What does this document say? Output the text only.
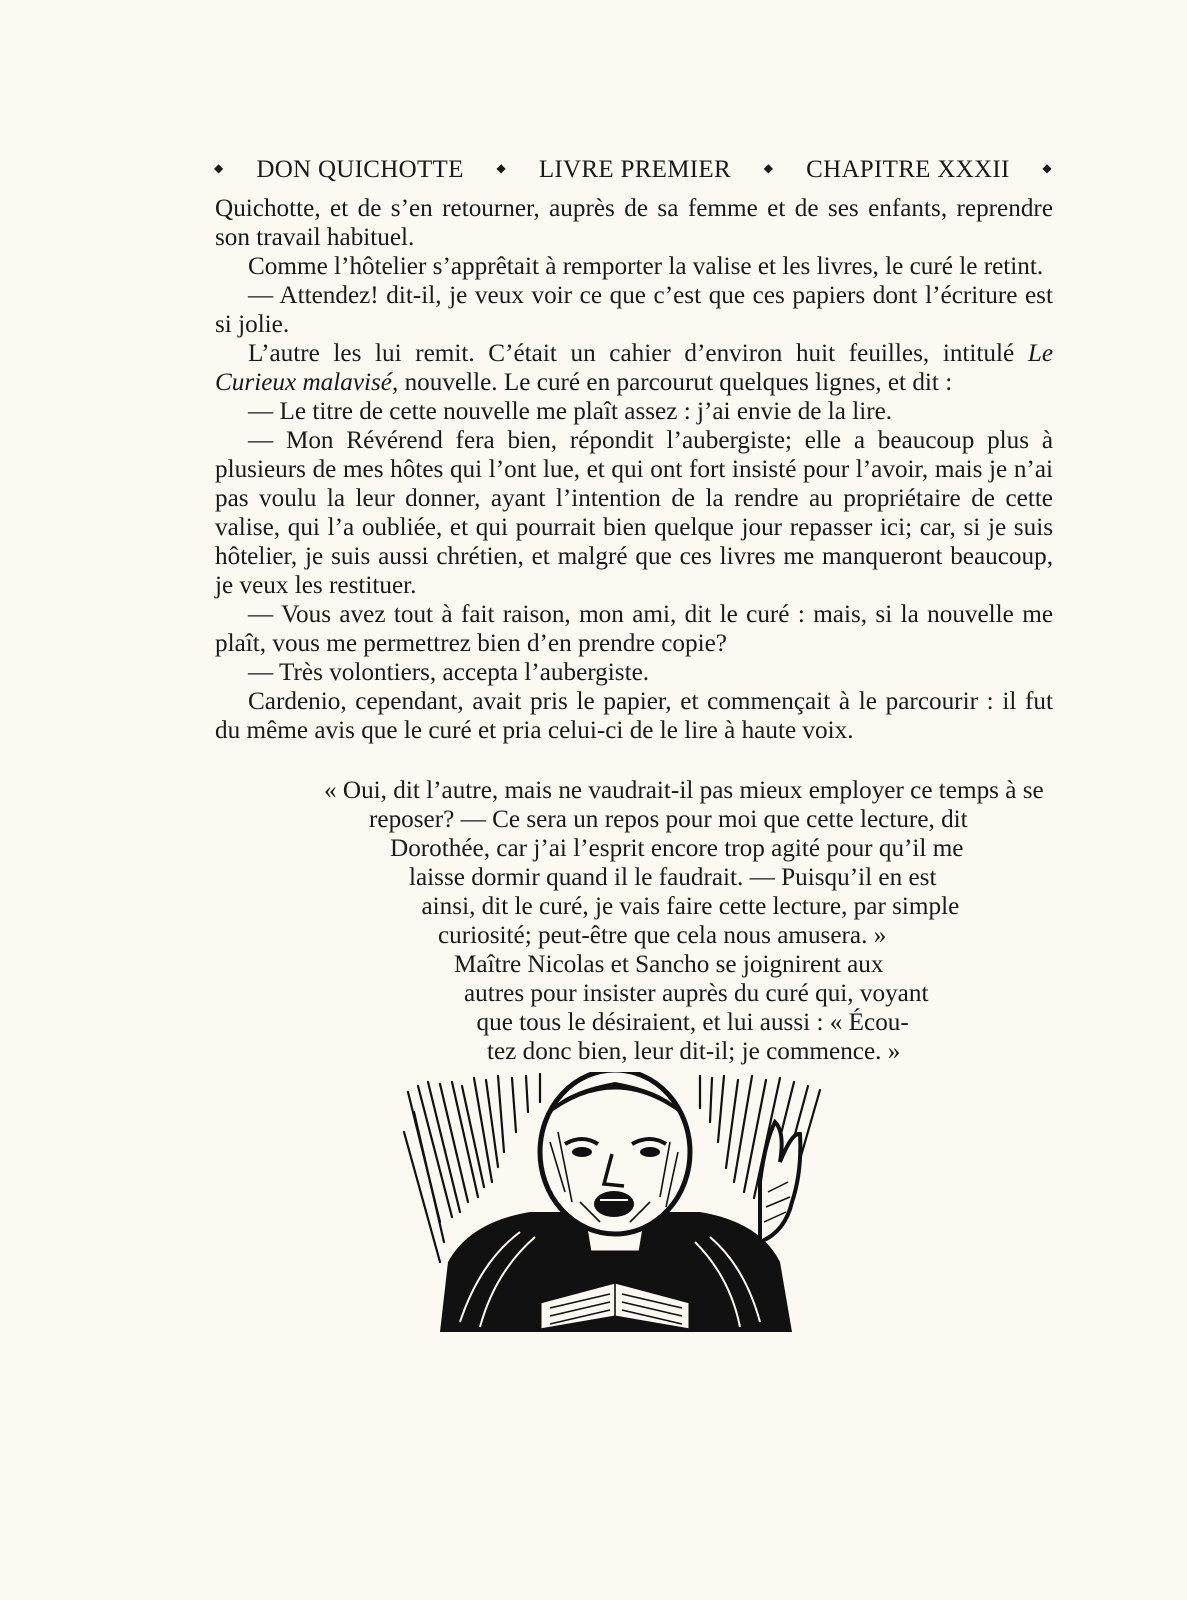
◆ DON QUICHOTTE	◆ LIVRE PREMIER	◆ CHAPITRE XXXII	◆

Quichotte, et de s’en retourner, auprès de sa femme et de ses enfants, reprendre son travail habituel.

Comme l’hôtelier s’apprêtait à remporter la valise et les livres, le curé le retint.

— Attendez! dit-il, je veux voir ce que c’est que ces papiers dont l’écriture est si jolie.

L’autre les lui remit. C’était un cahier d’environ huit feuilles, intitulé Le Curieux malavisé, nouvelle. Le curé en parcourut quelques lignes, et dit :

— Le titre de cette nouvelle me plaît assez : j’ai envie de la lire.

— Mon Révérend fera bien, répondit l’aubergiste; elle a beaucoup plus à plusieurs de mes hôtes qui l’ont lue, et qui ont fort insisté pour l’avoir, mais je n’ai pas voulu la leur donner, ayant l’intention de la rendre au propriétaire de cette valise, qui l’a oubliée, et qui pourrait bien quelque jour repasser ici; car, si je suis hôtelier, je suis aussi chrétien, et malgré que ces livres me manqueront beaucoup, je veux les restituer.

— Vous avez tout à fait raison, mon ami, dit le curé : mais, si la nouvelle me plaît, vous me permettrez bien d’en prendre copie?

— Très volontiers, accepta l’aubergiste.

Cardenio, cependant, avait pris le papier, et commençait à le parcourir : il fut du même avis que le curé et pria celui-ci de le lire à haute voix.

« Oui, dit l’autre, mais ne vaudrait-il pas mieux employer ce temps à se
reposer? — Ce sera un repos pour moi que cette lecture, dit
Dorothée, car j’ai l’esprit encore trop agité pour qu’il me
laisse dormir quand il le faudrait. — Puisqu’il en est
ainsi, dit le curé, je vais faire cette lecture, par simple
curiosité; peut-être que cela nous amusera. »
Maître Nicolas et Sancho se joignirent aux
autres pour insister auprès du curé qui, voyant
que tous le désiraient, et lui aussi : « Écou-
tez donc bien, leur dit-il; je commence. »
